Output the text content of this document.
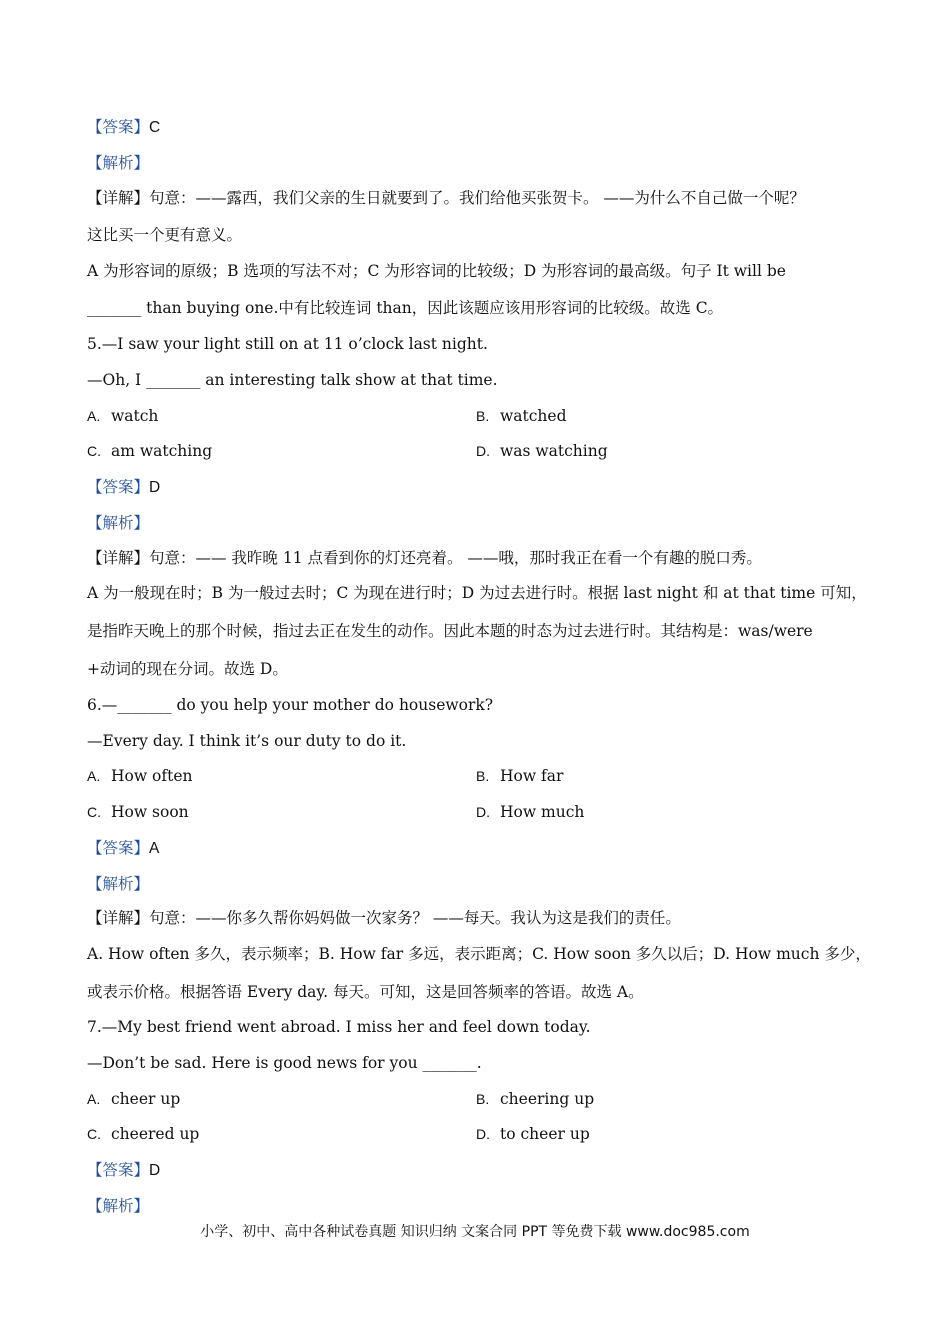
【答案】C
【解析】
【详解】句意：——露西，我们父亲的生日就要到了。我们给他买张贺卡。 ——为什么不自己做一个呢？
这比买一个更有意义。
A 为形容词的原级；B 选项的写法不对；C 为形容词的比较级；D 为形容词的最高级。句子 It will be
_______ than buying one.中有比较连词 than，因此该题应该用形容词的比较级。故选 C。
5.—I saw your light still on at 11 o’clock last night.
—Oh, I _______ an interesting talk show at that time.
A. watch	B. watched
C. am watching	D. was watching
【答案】D
【解析】
【详解】句意：—— 我昨晚 11 点看到你的灯还亮着。 ——哦，那时我正在看一个有趣的脱口秀。
A 为一般现在时；B 为一般过去时；C 为现在进行时；D 为过去进行时。根据 last night 和 at that time 可知，
是指昨天晚上的那个时候，指过去正在发生的动作。因此本题的时态为过去进行时。其结构是：was/were
+动词的现在分词。故选 D。
6.—_______ do you help your mother do housework?
—Every day. I think it’s our duty to do it.
A. How often	B. How far
C. How soon	D. How much
【答案】A
【解析】
【详解】句意：——你多久帮你妈妈做一次家务？ ——每天。我认为这是我们的责任。
A. How often 多久，表示频率；B. How far 多远，表示距离；C. How soon 多久以后；D. How much 多少，
或表示价格。根据答语 Every day. 每天。可知，这是回答频率的答语。故选 A。
7.—My best friend went abroad. I miss her and feel down today.
—Don’t be sad. Here is good news for you _______.
A. cheer up	B. cheering up
C. cheered up	D. to cheer up
【答案】D
【解析】
小学、初中、高中各种试卷真题 知识归纳 文案合同 PPT 等免费下载 www.doc985.com
